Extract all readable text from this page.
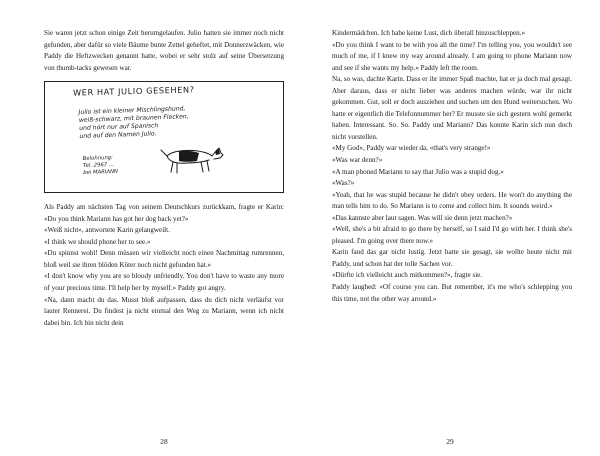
Sie waren jetzt schon einige Zeit herumgelaufen. Julio hatten sie immer noch nicht gefunden, aber dafür so viele Bäume bunte Zettel geheftet, mit Donnerzwäcken, wie Paddy die Heftzwecken genannt hatte, wobei er sehr stolz auf seine Übersetzung von thumb-tacks gewesen war.

WER HAT JULIO GESEHEN?
Julio ist ein kleiner Mischlingshund,
weiß-schwarz, mit braunen Flecken,
und hört nur auf Spanisch
und auf den Namen Julio.
Belohnung:
Tel. 2967 ...
bei MARIANN

Als Paddy am nächsten Tag von seinem Deutschkurs zurückkam, fragte er Karin: «Do you think Mariann has got her dog back yet?»

«Weiß nicht», antwortete Karin gelangweilt.

«I think we should phone her to see.»

«Du spinnst wohl! Denn müssen wir vielleicht noch einen Nachmittag rumrennen, bloß weil sie ihren blöden Köter noch nicht gefunden hat.»

«I don't know why you are so bloody unfriendly. You don't have to waste any more of your precious time. I'll help her by myself.» Paddy got angry.

«Na, dann macht du das. Musst bloß aufpassen, dass du dich nicht verläufst vor lauter Rennerei. Du findest ja nicht einmal den Weg zu Mariann, wenn ich nicht dabei bin. Ich bin nicht dein

28

Kindermädchen. Ich habe keine Lust, dich überall hinzuschleppen.»

«Do you think I want to be with you all the time? I'm telling you, you wouldn't see much of me, if I knew my way around already. I am going to phone Mariann now and see if she wants my help.» Paddy left the room.

Na, so was, dachte Karin. Dass er ihr immer Spaß machte, hat er ja doch mal gesagt. Aber daraus, dass er nicht lieber was anderes machen würde, war ihr nicht gekommen. Gut, soll er doch ausziehen und suchen um den Hund weitersuchen. Wo hatte er eigentlich die Telefonnummer her? Er musste sie sich gestern wohl gemerkt haben. Interessant. So. So. Paddy und Mariann? Das konnte Karin sich nun doch nicht vorstellen.

«My God», Paddy war wieder da, «that's very strange!»

«Was war denn?»

«A man phoned Mariann to say that Julio was a stupid dog.»

«Was?»

«Yeah, that he was stupid because he didn't obey orders. He won't do anything the man tells him to do. So Mariann is to come and collect him. It sounds weird.»

«Das kannste aber laut sagen. Was will sie denn jetzt machen?»

«Well, she's a bit afraid to go there by herself, so I said I'd go with her. I think she's pleased. I'm going over there now.»

Karin fand das gar nicht lustig. Jetzt hatte sie gesagt, sie wollte heute nicht mit Paddy, und schon hat der tolle Sachen vor.

«Dürfte ich vielleicht auch mitkommen?», fragte sie.

Paddy laughed: «Of course you can. But remember, it's me who's schlepping you this time, not the other way around.»

29
